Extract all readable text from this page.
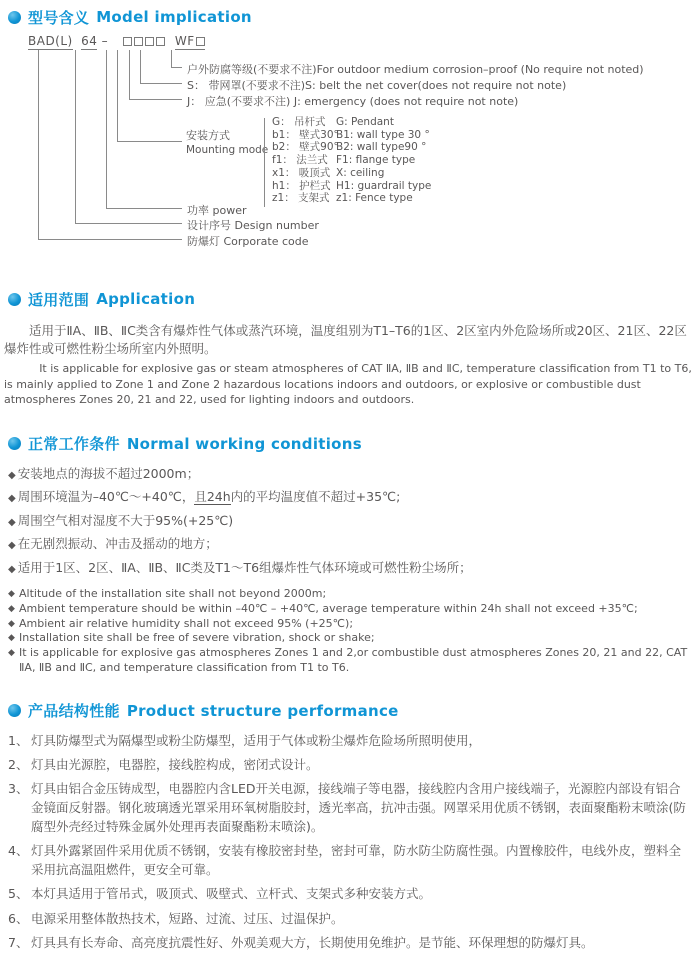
型号含义 Model implication
BAD(L) 64 –	WF
户外防腐等级(不要求不注)For outdoor medium corrosion–proof (No require not noted)
S： 带网罩(不要求不注)S: belt the net cover(does not require not note)
J： 应急(不要求不注) J: emergency (does not require not note)
安装方式
Mounting mode
G： 吊杆式 G: Pendant
b1： 壁式30°B1: wall type 30 °
b2： 壁式90°B2: wall type90 °
f1： 法兰式 F1: flange type
x1： 吸顶式 X: ceiling
h1： 护栏式 H1: guardrail type
z1： 支架式 z1: Fence type
功率 power
设计序号 Design number
防爆灯 Corporate code
适用范围 Application

适用于ⅡA、ⅡB、ⅡC类含有爆炸性气体或蒸汽环境，温度组别为T1–T6的1区、2区室内外危险场所或20区、21区、22区爆炸性或可燃性粉尘场所室内外照明。

It is applicable for explosive gas or steam atmospheres of CAT ⅡA, ⅡB and ⅡC, temperature classification from T1 to T6, is mainly applied to Zone 1 and Zone 2 hazardous locations indoors and outdoors, or explosive or combustible dust atmospheres Zones 20, 21 and 22, used for lighting indoors and outdoors.

正常工作条件 Normal working conditions
◆ 安装地点的海拔不超过2000m；
◆ 周围环境温为–40℃～+40℃，且24h内的平均温度值不超过+35℃;
◆ 周围空气相对湿度不大于95%(+25℃)
◆ 在无剧烈振动、冲击及摇动的地方；
◆ 适用于1区、2区、ⅡA、ⅡB、ⅡC类及T1～T6组爆炸性气体环境或可燃性粉尘场所；
◆ Altitude of the installation site shall not beyond 2000m;
◆ Ambient temperature should be within –40℃ – +40℃, average temperature within 24h shall not exceed +35℃;
◆ Ambient air relative humidity shall not exceed 95% (+25℃);
◆ Installation site shall be free of severe vibration, shock or shake;
◆ It is applicable for explosive gas atmospheres Zones 1 and 2,or combustible dust atmospheres Zones 20, 21 and 22, CAT ⅡA, ⅡB and ⅡC, and temperature classification from T1 to T6.
产品结构性能 Product structure performance
1、 灯具防爆型式为隔爆型或粉尘防爆型，适用于气体或粉尘爆炸危险场所照明使用，
2、 灯具由光源腔，电器腔，接线腔构成，密闭式设计。
3、 灯具由铝合金压铸成型，电器腔内含LED开关电源，接线端子等电器，接线腔内含用户接线端子，光源腔内部设有铝合金镜面反射器。钢化玻璃透光罩采用环氧树脂胶封，透光率高，抗冲击强。网罩采用优质不锈钢，表面聚酯粉末喷涂(防腐型外壳经过特殊金属外处理再表面聚酯粉末喷涂)。
4、 灯具外露紧固件采用优质不锈钢，安装有橡胶密封垫，密封可靠，防水防尘防腐性强。内置橡胶件，电线外皮，塑料全采用抗高温阻燃件，更安全可靠。
5、 本灯具适用于管吊式，吸顶式、吸壁式、立杆式、支架式多种安装方式。
6、 电源采用整体散热技术，短路、过流、过压、过温保护。
7、 灯具具有长寿命、高亮度抗震性好、外观美观大方，长期使用免维护。是节能、环保理想的防爆灯具。
